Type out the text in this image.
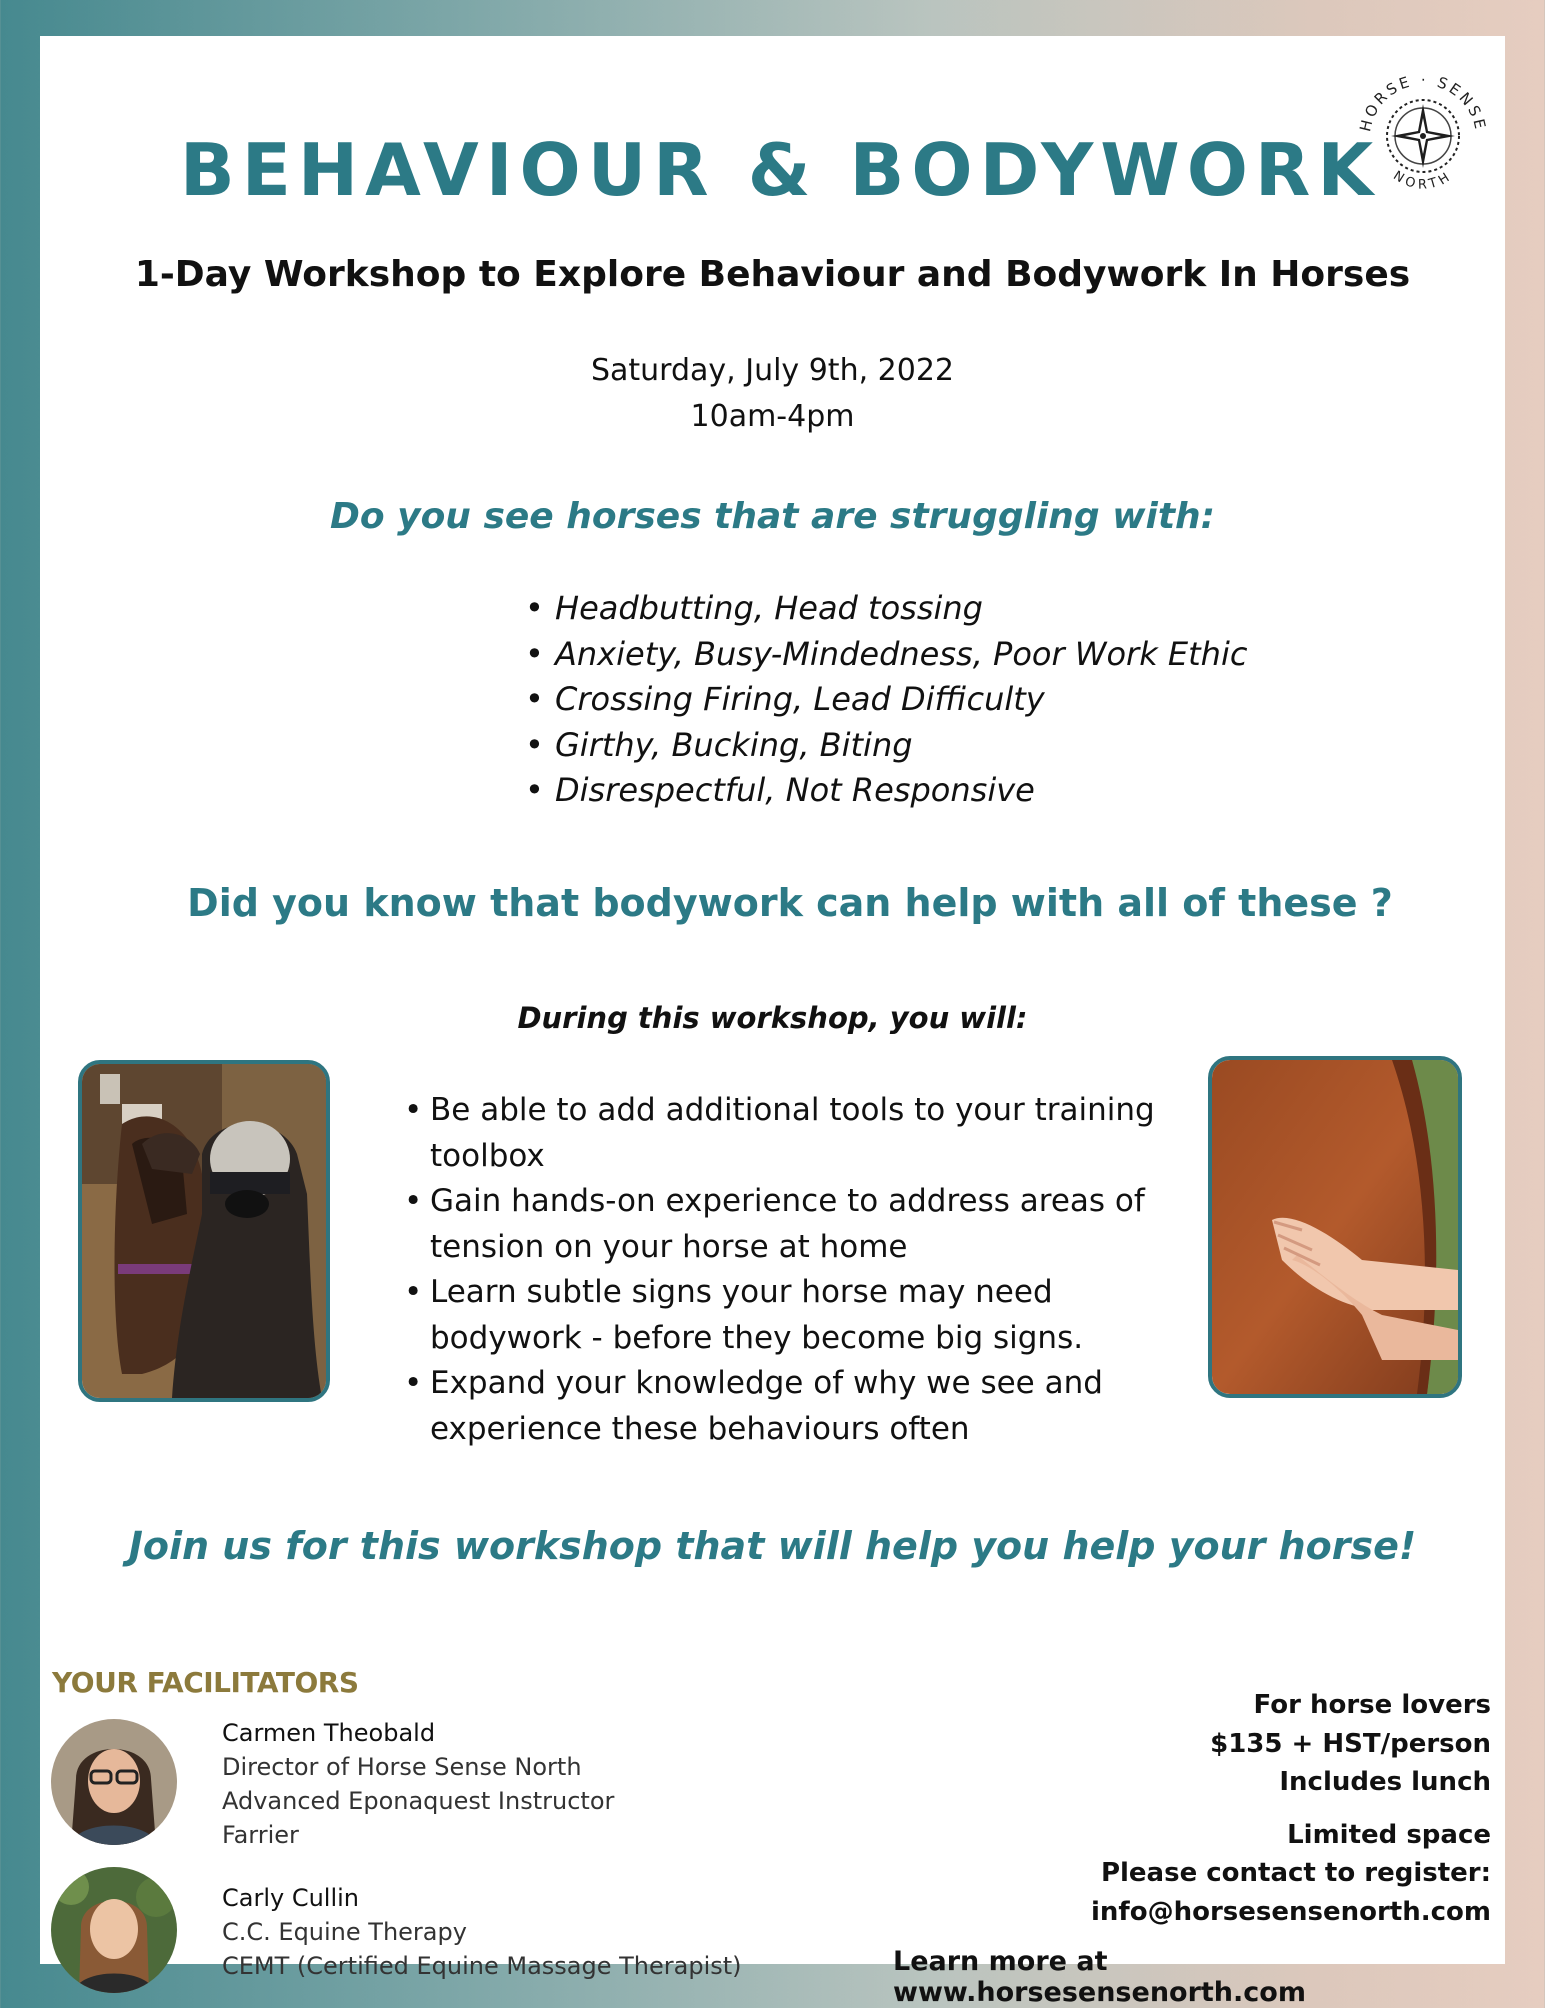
BEHAVIOUR & BODYWORK
HORSE · SENSE
NORTH
1-Day Workshop to Explore Behaviour and Bodywork In Horses
Saturday, July 9th, 2022
10am-4pm
Do you see horses that are struggling with:
• Headbutting, Head tossing
• Anxiety, Busy-Mindedness, Poor Work Ethic
• Crossing Firing, Lead Difficulty
• Girthy, Bucking, Biting
• Disrespectful, Not Responsive
Did you know that bodywork can help with all of these ?
During this workshop, you will:
• Be able to add additional tools to your training toolbox
• Gain hands-on experience to address areas of tension on your horse at home
• Learn subtle signs your horse may need bodywork - before they become big signs.
• Expand your knowledge of why we see and experience these behaviours often
Join us for this workshop that will help you help your horse!
YOUR FACILITATORS
Carmen Theobald
Director of Horse Sense North
Advanced Eponaquest Instructor
Farrier
Carly Cullin
C.C. Equine Therapy
CEMT (Certified Equine Massage Therapist)
For horse lovers
$135 + HST/person
Includes lunch
Limited space
Please contact to register:
info@horsesensenorth.com
Learn more at www.horsesensenorth.com
